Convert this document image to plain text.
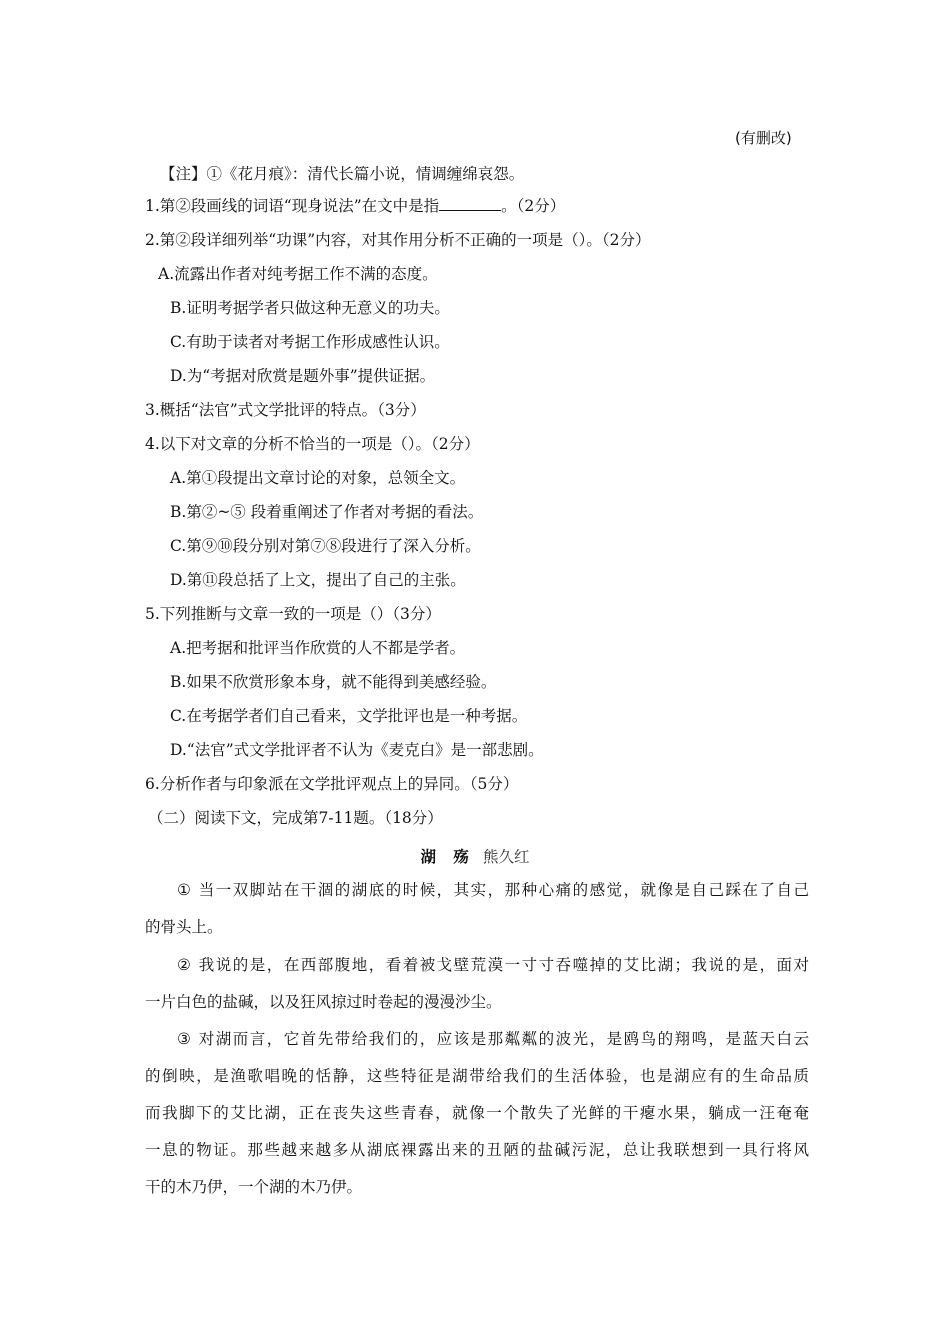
(有删改)
【注】①《花月痕》：清代长篇小说，情调缠绵哀怨。
1.第②段画线的词语“现身说法”在文中是指	。（2分）
2.第②段详细列举“功课”内容，对其作用分析不正确的一项是（）。（2分）
A.流露出作者对纯考据工作不满的态度。
B.证明考据学者只做这种无意义的功夫。
C.有助于读者对考据工作形成感性认识。
D.为“考据对欣赏是题外事”提供证据。
3.概括“法官”式文学批评的特点。（3分）
4.以下对文章的分析不恰当的一项是（）。（2分）
A.第①段提出文章讨论的对象，总领全文。
B.第②~⑤ 段着重阐述了作者对考据的看法。
C.第⑨⑩段分别对第⑦⑧段进行了深入分析。
D.第⑪段总括了上文，提出了自己的主张。
5.下列推断与文章一致的一项是（）（3分）
A.把考据和批评当作欣赏的人不都是学者。
B.如果不欣赏形象本身，就不能得到美感经验。
C.在考据学者们自己看来，文学批评也是一种考据。
D.“法官”式文学批评者不认为《麦克白》是一部悲剧。
6.分析作者与印象派在文学批评观点上的异同。（5分）
（二）阅读下文，完成第7-11题。（18分）
湖 殇 熊久红
① 当一双脚站在干涸的湖底的时候，其实，那种心痛的感觉，就像是自己踩在了自己
的骨头上。
② 我说的是，在西部腹地，看着被戈壁荒漠一寸寸吞噬掉的艾比湖；我说的是，面对
一片白色的盐碱，以及狂风掠过时卷起的漫漫沙尘。
③ 对湖而言，它首先带给我们的，应该是那粼粼的波光，是鸥鸟的翔鸣，是蓝天白云
的倒映，是渔歌唱晚的恬静，这些特征是湖带给我们的生活体验，也是湖应有的生命品质
而我脚下的艾比湖，正在丧失这些青春，就像一个散失了光鲜的干瘪水果，躺成一汪奄奄
一息的物证。那些越来越多从湖底裸露出来的丑陋的盐碱污泥，总让我联想到一具行将风
干的木乃伊，一个湖的木乃伊。
